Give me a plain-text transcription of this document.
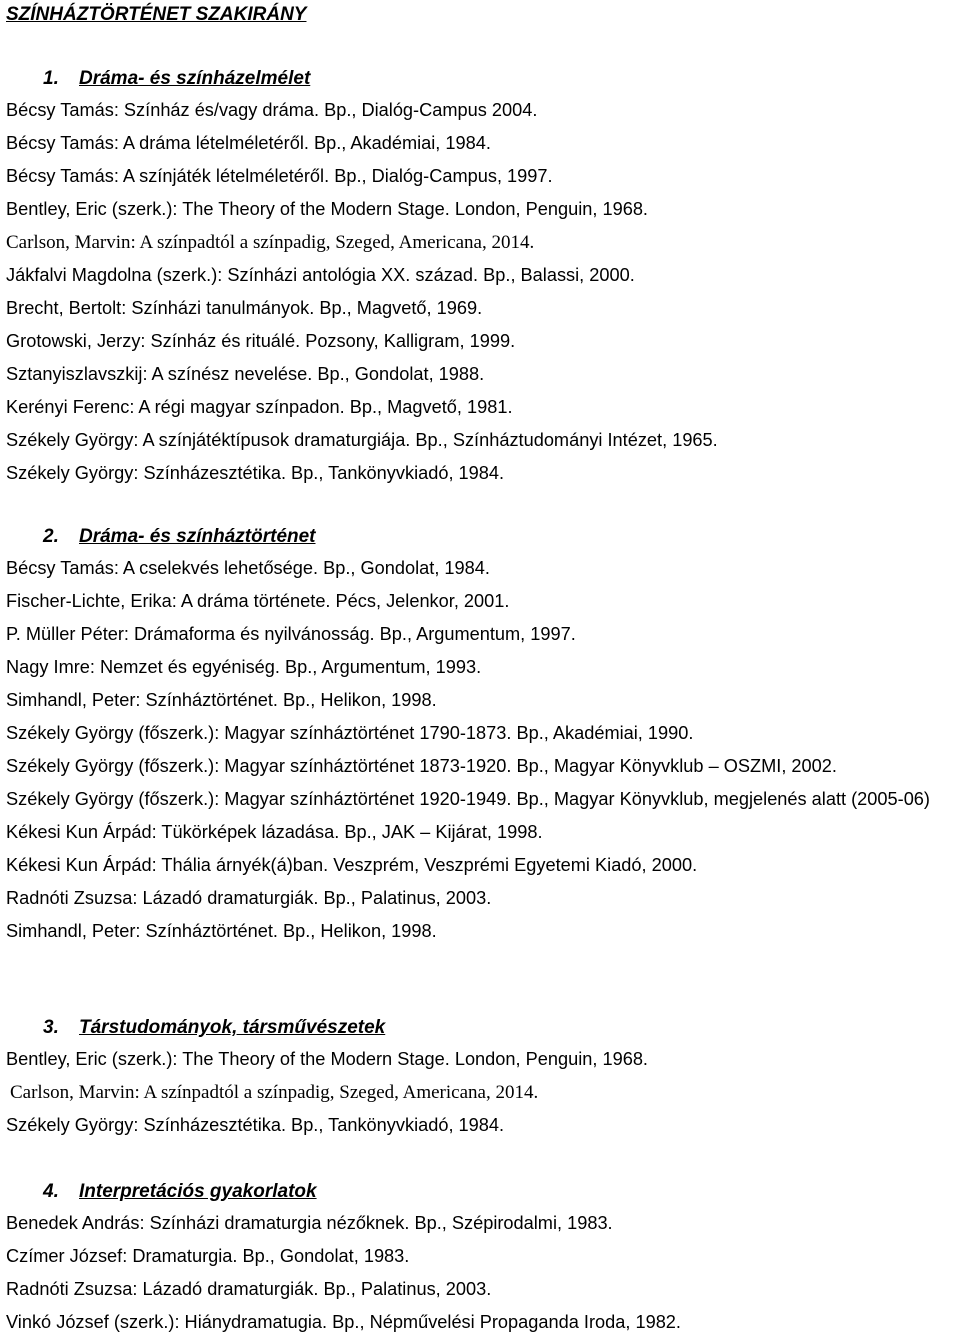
SZÍNHÁZTÖRTÉNET SZAKIRÁNY
1. Dráma- és színházelmélet
Bécsy Tamás: Színház és/vagy dráma. Bp., Dialóg-Campus 2004.
Bécsy Tamás: A dráma lételméletéről. Bp., Akadémiai, 1984.
Bécsy Tamás: A színjáték lételméletéről. Bp., Dialóg-Campus, 1997.
Bentley, Eric (szerk.): The Theory of the Modern Stage. London, Penguin, 1968.
Carlson, Marvin: A színpadtól a színpadig, Szeged, Americana, 2014.
Jákfalvi Magdolna (szerk.): Színházi antológia XX. század. Bp., Balassi, 2000.
Brecht, Bertolt: Színházi tanulmányok. Bp., Magvető, 1969.
Grotowski, Jerzy: Színház és rituálé. Pozsony, Kalligram, 1999.
Sztanyiszlavszkij: A színész nevelése. Bp., Gondolat, 1988.
Kerényi Ferenc: A régi magyar színpadon. Bp., Magvető, 1981.
Székely György: A színjátéktípusok dramaturgiája. Bp., Színháztudományi Intézet, 1965.
Székely György: Színházesztétika. Bp., Tankönyvkiadó, 1984.
2. Dráma- és színháztörténet
Bécsy Tamás: A cselekvés lehetősége. Bp., Gondolat, 1984.
Fischer-Lichte, Erika: A dráma története. Pécs, Jelenkor, 2001.
P. Müller Péter: Drámaforma és nyilvánosság. Bp., Argumentum, 1997.
Nagy Imre: Nemzet és egyéniség. Bp., Argumentum, 1993.
Simhandl, Peter: Színháztörténet. Bp., Helikon, 1998.
Székely György (főszerk.): Magyar színháztörténet 1790-1873. Bp., Akadémiai, 1990.
Székely György (főszerk.): Magyar színháztörténet 1873-1920. Bp., Magyar Könyvklub – OSZMI, 2002.
Székely György (főszerk.): Magyar színháztörténet 1920-1949. Bp., Magyar Könyvklub, megjelenés alatt (2005-06)
Kékesi Kun Árpád: Tükörképek lázadása. Bp., JAK – Kijárat, 1998.
Kékesi Kun Árpád: Thália árnyék(á)ban. Veszprém, Veszprémi Egyetemi Kiadó, 2000.
Radnóti Zsuzsa: Lázadó dramaturgiák. Bp., Palatinus, 2003.
Simhandl, Peter: Színháztörténet. Bp., Helikon, 1998.
3. Társtudományok, társművészetek
Bentley, Eric (szerk.): The Theory of the Modern Stage. London, Penguin, 1968.
Carlson, Marvin: A színpadtól a színpadig, Szeged, Americana, 2014.
Székely György: Színházesztétika. Bp., Tankönyvkiadó, 1984.
4. Interpretációs gyakorlatok
Benedek András: Színházi dramaturgia nézőknek. Bp., Szépirodalmi, 1983.
Czímer József: Dramaturgia. Bp., Gondolat, 1983.
Radnóti Zsuzsa: Lázadó dramaturgiák. Bp., Palatinus, 2003.
Vinkó József (szerk.): Hiánydramatugia. Bp., Népművelési Propaganda Iroda, 1982.
